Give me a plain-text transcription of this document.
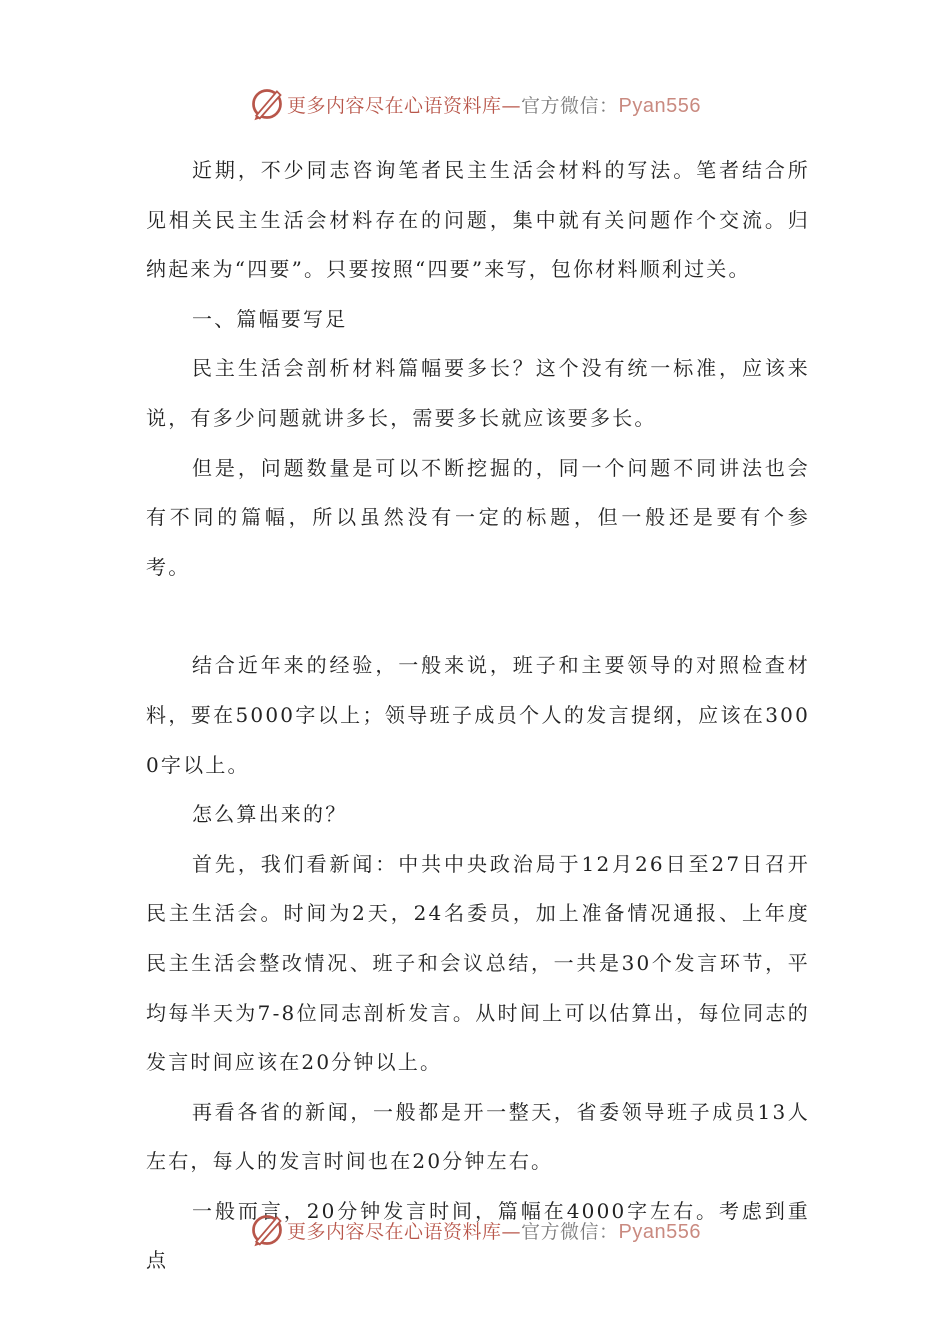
更多内容尽在心语资料库—官方微信：Pyan556

近期，不少同志咨询笔者民主生活会材料的写法。笔者结合所见相关民主生活会材料存在的问题，集中就有关问题作个交流。归纳起来为“四要”。只要按照“四要”来写，包你材料顺利过关。

一、篇幅要写足

民主生活会剖析材料篇幅要多长？这个没有统一标准，应该来说，有多少问题就讲多长，需要多长就应该要多长。

但是，问题数量是可以不断挖掘的，同一个问题不同讲法也会有不同的篇幅，所以虽然没有一定的标题，但一般还是要有个参考。

结合近年来的经验，一般来说，班子和主要领导的对照检查材料，要在5000字以上；领导班子成员个人的发言提纲，应该在3000字以上。

怎么算出来的？

首先，我们看新闻：中共中央政治局于12月26日至27日召开民主生活会。时间为2天，24名委员，加上准备情况通报、上年度民主生活会整改情况、班子和会议总结，一共是30个发言环节，平均每半天为7-8位同志剖析发言。从时间上可以估算出，每位同志的发言时间应该在20分钟以上。

再看各省的新闻，一般都是开一整天，省委领导班子成员13人左右，每人的发言时间也在20分钟左右。

一般而言，20分钟发言时间，篇幅在4000字左右。考虑到重点

更多内容尽在心语资料库—官方微信：Pyan556
